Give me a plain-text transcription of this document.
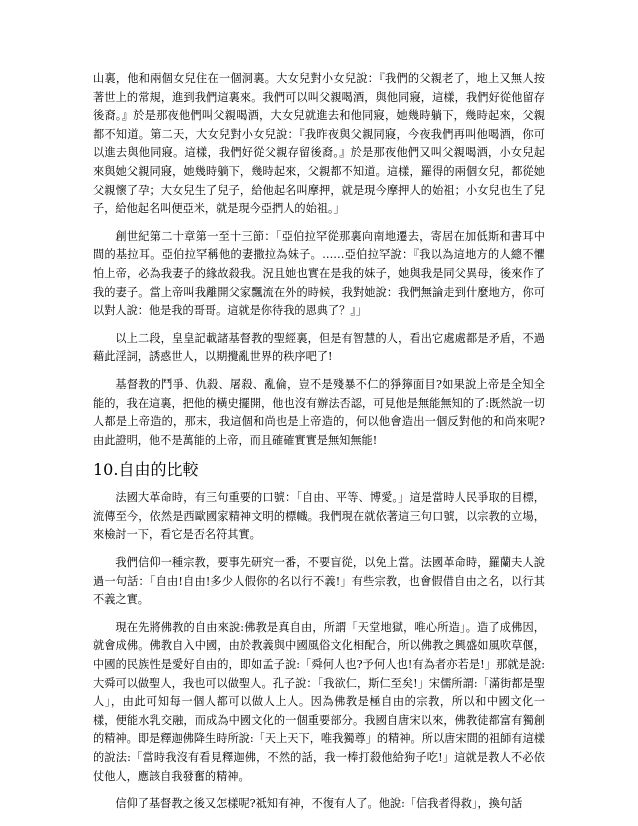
山裏，他和兩個女兒住在一個洞裏。大女兒對小女兒說：『我們的父親老了，地上又無人按著世上的常規，進到我們這裏來。我們可以叫父親喝酒，與他同寢，這樣，我們好從他留存後裔。』於是那夜他們叫父親喝酒，大女兒就進去和他同寢，她幾時躺下，幾時起來，父親都不知道。第二天，大女兒對小女兒說：『我昨夜與父親同寢，今夜我們再叫他喝酒，你可以進去與他同寢。這樣，我們好從父親存留後裔。』於是那夜他們又叫父親喝酒，小女兒起來與她父親同寢，她幾時躺下，幾時起來，父親都不知道。這樣，羅得的兩個女兒，都從她父親懷了孕；大女兒生了兒子，給他起名叫摩押，就是現今摩押人的始祖；小女兒也生了兒子，給他起名叫便亞米，就是現今亞捫人的始祖。」

創世紀第二十章第一至十三節：「亞伯拉罕從那裏向南地遷去，寄居在加低斯和書耳中間的基拉耳。亞伯拉罕稱他的妻撒拉為妹子。……亞伯拉罕說：『我以為這地方的人總不懼怕上帝，必為我妻子的緣故殺我。況且她也實在是我的妹子，她與我是同父異母，後來作了我的妻子。當上帝叫我離開父家飄流在外的時候，我對她說：我們無論走到什麼地方，你可以對人說：他是我的哥哥。這就是你待我的恩典了？』」

以上二段，皇皇記載諸基督教的聖經裏，但是有智慧的人，看出它處處都是矛盾，不過藉此淫詞，誘惑世人，以期攪亂世界的秩序吧了!

基督教的鬥爭、仇殺、屠殺、亂倫，豈不是殘暴不仁的猙獰面目?如果說上帝是全知全能的，我在這裏，把他的橫史擺開，他也沒有辦法否認，可見他是無能無知的了:既然說一切人都是上帝造的，那末，我這個和尚也是上帝造的，何以他會造出一個反對他的和尚來呢?由此證明，他不是萬能的上帝，而且確確實實是無知無能!

10.自由的比較

法國大革命時，有三句重要的口號：「自由、平等、博愛。」這是當時人民爭取的目標，流傳至今，依然是西歐國家精神文明的標幟。我們現在就依著這三句口號，以宗教的立場，來檢討一下，看它是否名符其實。

我們信仰一種宗教，要事先研究一番，不要盲從，以免上當。法國革命時，羅蘭夫人說過一句話：「自由!自由!多少人假你的名以行不義!」有些宗教，也會假借自由之名，以行其不義之實。

現在先將佛教的自由來說:佛教是真自由，所謂「天堂地獄，唯心所造」。造了成佛因，就會成佛。佛教自入中國，由於教義與中國風俗文化相配合，所以佛教之興盛如風吹草偃，中國的民族性是愛好自由的，即如孟子說:「舜何人也?予何人也!有為者亦若是!」那就是說:大舜可以做聖人，我也可以做聖人。孔子說：「我欲仁，斯仁至矣!」宋儒所謂:「滿街都是聖人」，由此可知每一個人都可以做人上人。因為佛教是極自由的宗教，所以和中國文化一樣，便能水乳交融，而成為中國文化的一個重要部分。我國自唐宋以來，佛教徒都富有獨創的精神。即是釋迦佛降生時所說:「天上天下，唯我獨尊」的精神。所以唐宋間的祖師有這樣的說法:「當時我沒有看見釋迦佛，不然的話，我一棒打殺他給狗子吃!」這就是教人不必依仗他人，應該自我發奮的精神。

信仰了基督教之後又怎樣呢?祗知有神，不復有人了。他說:「信我者得救」，換句話
